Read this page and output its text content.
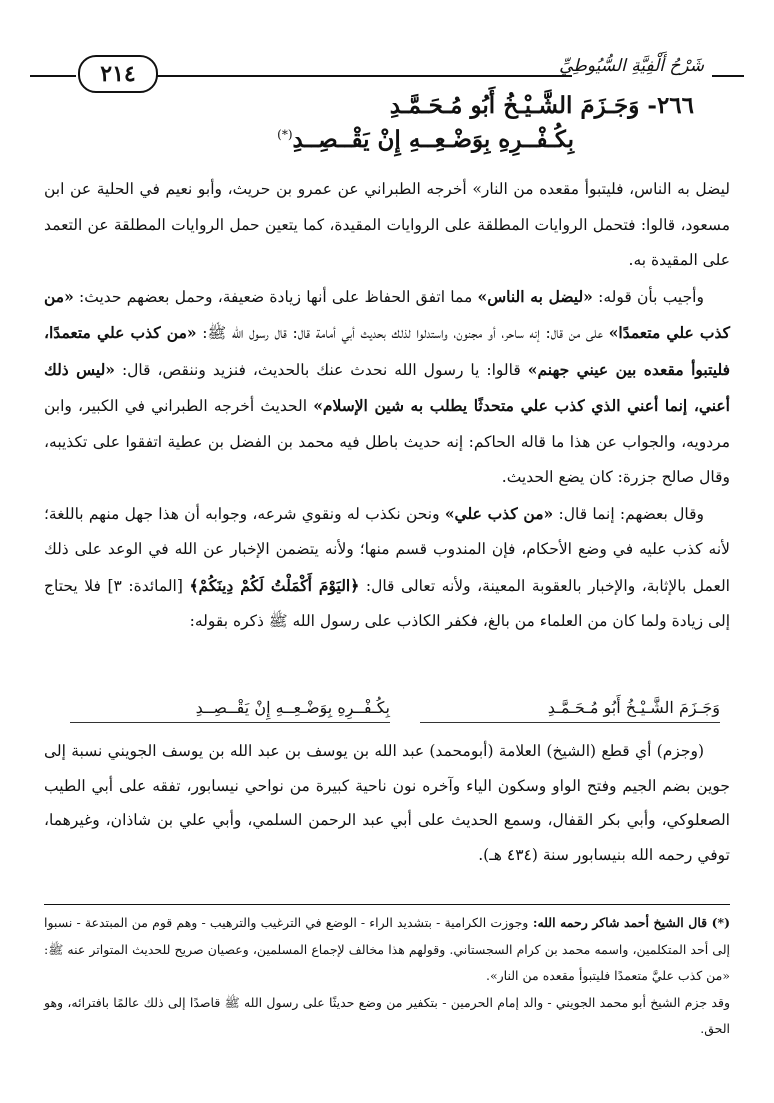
شَرْحُ أَلْفِيَّةِ السُّيُوطِيِّ
٢١٤
٢٦٦- وَجَـزَمَ الشَّـيْـخُ أَبُو مُـحَـمَّـدِ
بِكُـفْــرِهِ بِوَضْـعِــهِ إِنْ يَقْــصِــدِ(*)

ليضل به الناس، فليتبوأ مقعده من النار» أخرجه الطبراني عن عمرو بن حريث، وأبو نعيم في الحلية عن ابن مسعود، قالوا: فتحمل الروايات المطلقة على الروايات المقيدة، كما يتعين حمل الروايات المطلقة عن التعمد على المقيدة به.

وأجيب بأن قوله: «ليضل به الناس» مما اتفق الحفاظ على أنها زيادة ضعيفة، وحمل بعضهم حديث: «من كذب علي متعمدًا» على من قال: إنه ساحر، أو مجنون، واستدلوا لذلك بحديث أبي أمامة قال: قال رسول الله ﷺ: «من كذب علي متعمدًا، فليتبوأ مقعده بين عيني جهنم» قالوا: يا رسول الله نحدث عنك بالحديث، فنزيد وننقص، قال: «ليس ذلك أعني، إنما أعني الذي كذب علي متحدثًا يطلب به شين الإسلام» الحديث أخرجه الطبراني في الكبير، وابن مردويه، والجواب عن هذا ما قاله الحاكم: إنه حديث باطل فيه محمد بن الفضل بن عطية اتفقوا على تكذيبه، وقال صالح جزرة: كان يضع الحديث.

وقال بعضهم: إنما قال: «من كذب علي» ونحن نكذب له ونقوي شرعه، وجوابه أن هذا جهل منهم باللغة؛ لأنه كذب عليه في وضع الأحكام، فإن المندوب قسم منها؛ ولأنه يتضمن الإخبار عن الله في الوعد على ذلك العمل بالإثابة، والإخبار بالعقوبة المعينة، ولأنه تعالى قال: ﴿اليَوْمَ أَكْمَلْتُ لَكُمْ دِينَكُمْ﴾ [المائدة: ٣] فلا يحتاج إلى زيادة ولما كان من العلماء من بالغ، فكفر الكاذب على رسول الله ﷺ ذكره بقوله:

وَجَـزَمَ الشَّـيْـخُ أَبُو مُـحَـمَّـدِ
بِكُـفْــرِهِ بِوَضْـعِــهِ إِنْ يَقْــصِــدِ

(وجزم) أي قطع (الشيخ) العلامة (أبومحمد) عبد الله بن يوسف بن عبد الله بن يوسف الجويني نسبة إلى جوين بضم الجيم وفتح الواو وسكون الياء وآخره نون ناحية كبيرة من نواحي نيسابور، تفقه على أبي الطيب الصعلوكي، وأبي بكر القفال، وسمع الحديث على أبي عبد الرحمن السلمي، وأبي علي بن شاذان، وغيرهما، توفي رحمه الله بنيسابور سنة (٤٣٤ هـ).

(*) قال الشيخ أحمد شاكر رحمه الله: وجوزت الكرامية - بتشديد الراء - الوضع في الترغيب والترهيب - وهم قوم من المبتدعة - نسبوا إلى أحد المتكلمين، واسمه محمد بن كرام السجستاني. وقولهم هذا مخالف لإجماع المسلمين، وعصيان صريح للحديث المتواتر عنه ﷺ: «من كذب عليَّ متعمدًا فليتبوأ مقعده من النار».

وقد جزم الشيخ أبو محمد الجويني - والد إمام الحرمين - بتكفير من وضع حديثًا على رسول الله ﷺ قاصدًا إلى ذلك عالمًا بافترائه، وهو الحق.
